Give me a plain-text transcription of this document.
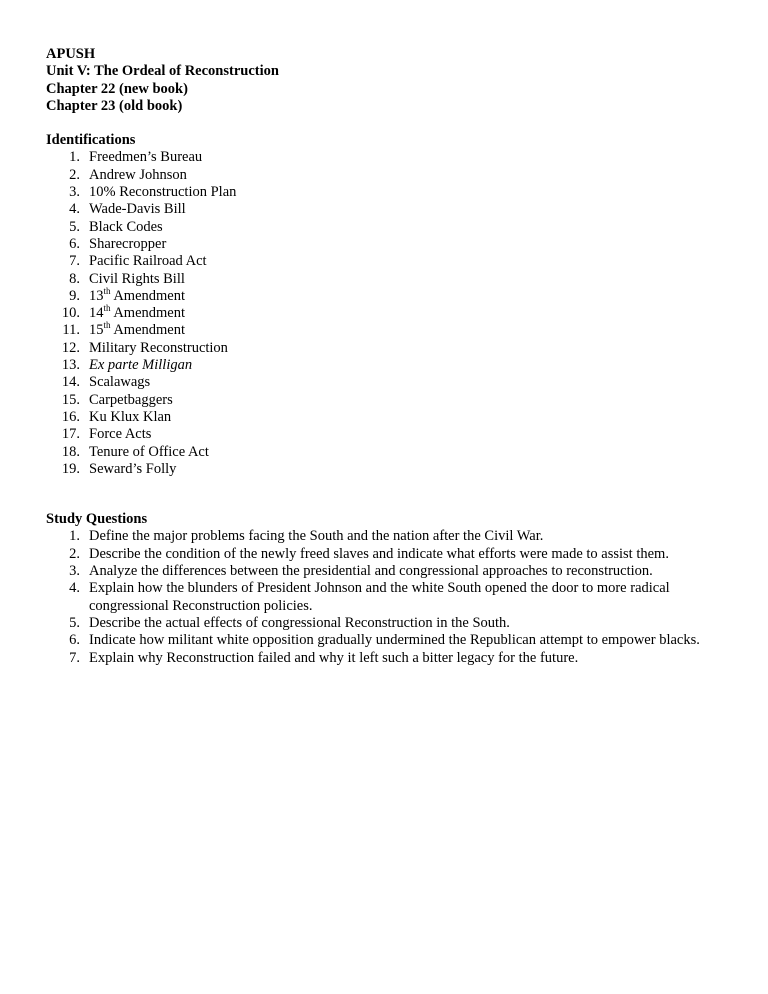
APUSH
Unit V: The Ordeal of Reconstruction
Chapter 22 (new book)
Chapter 23 (old book)
Identifications
1. Freedmen’s Bureau
2. Andrew Johnson
3. 10% Reconstruction Plan
4. Wade-Davis Bill
5. Black Codes
6. Sharecropper
7. Pacific Railroad Act
8. Civil Rights Bill
9. 13th Amendment
10. 14th Amendment
11. 15th Amendment
12. Military Reconstruction
13. Ex parte Milligan
14. Scalawags
15. Carpetbaggers
16. Ku Klux Klan
17. Force Acts
18. Tenure of Office Act
19. Seward’s Folly
Study Questions
1. Define the major problems facing the South and the nation after the Civil War.
2. Describe the condition of the newly freed slaves and indicate what efforts were made to assist them.
3. Analyze the differences between the presidential and congressional approaches to reconstruction.
4. Explain how the blunders of President Johnson and the white South opened the door to more radical congressional Reconstruction policies.
5. Describe the actual effects of congressional Reconstruction in the South.
6. Indicate how militant white opposition gradually undermined the Republican attempt to empower blacks.
7. Explain why Reconstruction failed and why it left such a bitter legacy for the future.
